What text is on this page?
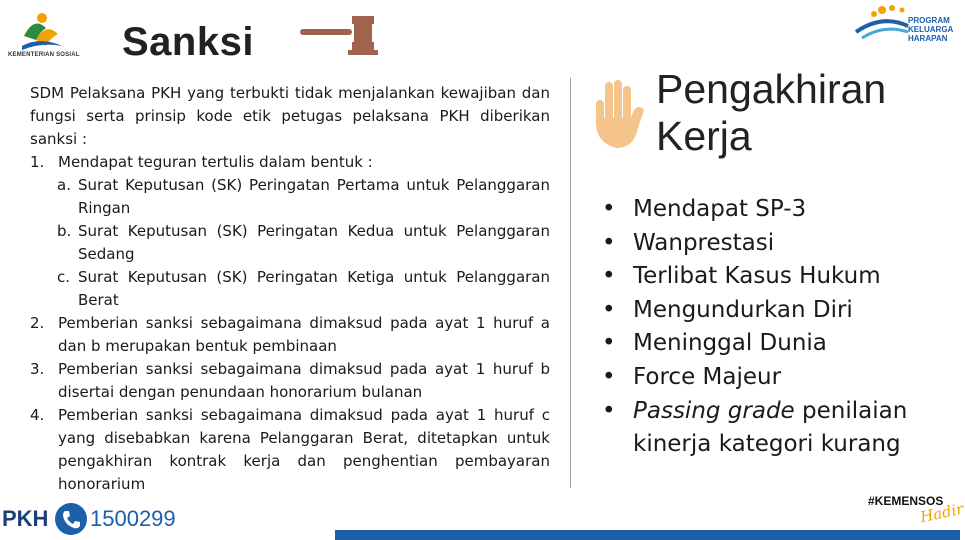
KEMENTERIAN SOSIAL Sanksi	PROGRAM
KELUARGA
HARAPAN
SDM Pelaksana PKH yang terbukti tidak menjalankan kewajiban dan fungsi serta prinsip kode etik petugas pelaksana PKH diberikan sanksi :
1. Mendapat teguran tertulis dalam bentuk :
a. Surat Keputusan (SK) Peringatan Pertama untuk Pelanggaran Ringan
b. Surat Keputusan (SK) Peringatan Kedua untuk Pelanggaran Sedang
c. Surat Keputusan (SK) Peringatan Ketiga untuk Pelanggaran Berat
2. Pemberian sanksi sebagaimana dimaksud pada ayat 1 huruf a dan b merupakan bentuk pembinaan
3. Pemberian sanksi sebagaimana dimaksud pada ayat 1 huruf b disertai dengan penundaan honorarium bulanan
4. Pemberian sanksi sebagaimana dimaksud pada ayat 1 huruf c yang disebabkan karena Pelanggaran Berat, ditetapkan untuk pengakhiran kontrak kerja dan penghentian pembayaran honorarium
Pengakhiran
Kerja
• Mendapat SP-3
• Wanprestasi
• Terlibat Kasus Hukum
• Mengundurkan Diri
• Meninggal Dunia
• Force Majeur
• Passing grade penilaian kinerja kategori kurang
PKH 1500299
#KEMENSOS
Hadir
